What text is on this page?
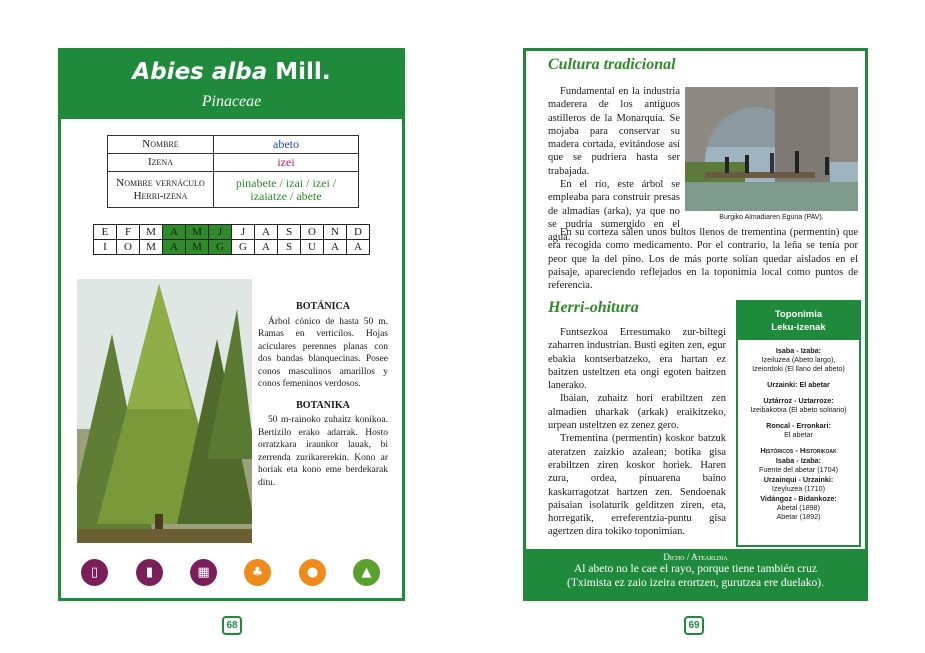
Abies alba Mill.
Pinaceae
Nombre	abeto
Izena	izei
Nombre vernáculo
Herri-izena	pinabete / izai / izei /
izaiatze / abete
E	F	M	A	M	J	J	A	S	O	N	D
I	O	M	A	M	G	G	A	S	U	A	A
BOTÁNICA

Árbol cónico de hasta 50 m. Ramas en verticilos. Hojas aciculares perennes planas con dos bandas blanquecinas. Posee conos masculinos amarillos y conos femeninos verdosos.

BOTANIKA

50 m-rainoko zuhaitz konikoa. Bertizilo erako adarrak. Hosto orratzkara iraunkor lauak, bi zerrenda zurikarerekin. Kono ar horiak eta kono eme berdekarak ditu.

▯	▮	▦	♣	●	▲
68
Cultura tradicional

Fundamental en la industria maderera de los antiguos astilleros de la Monarquía. Se mojaba para conservar su madera cortada, evitándose así que se pudriera hasta ser trabajada.

En el río, este árbol se empleaba para construir presas de almadías (arka), ya que no se pudría sumergido en el agua.

En su corteza salen unos bultos llenos de trementina (permentin) que era recogida como medicamento. Por el contrario, la leña se tenía por peor que la del pino. Los de más porte solían quedar aislados en el paisaje, apareciendo reflejados en la toponimia local como puntos de referencia.

Burgiko Almadiaren Eguna (PAV).
Herri-ohitura

Funtsezkoa Erresumako zur-biltegi zaharren industrian. Busti egiten zen, egur ebakia kontserbatzeko, era hartan ez baitzen usteltzen eta ongi egoten baitzen lanerako.

Ibaian, zuhaitz hori erabiltzen zen almadien uharkak (arkak) eraikitzeko, urpean usteltzen ez zenez gero.

Trementina (permentin) koskor batzuk ateratzen zaizkio azalean; botika gisa erabiltzen ziren koskor horiek. Haren zura, ordea, pinuarena baino kaskarragotzat hartzen zen. Sendoenak paisaian isolaturik gelditzen ziren, eta, horregatik, erreferentzia-puntu gisa agertzen dira tokiko toponimian.

Toponimia
Leku-izenak
Isaba - Izaba:
Izeiluzea (Abeto largo),
Izeiordoki (El llano del abeto)
Urzainki: El abetar
Uztárroz - Uztarroze:
Izeibakotxa (El abeto solitario)
Roncal - Erronkari:
El abetar
Históricos - Historikoak
Isaba - Izaba:
Fuente del abetar (1704)
Urzainqui - Urzainki:
Izeyluzea (1710)
Vidángoz - Bidankoze:
Abetal (1898)
Abetar (1892)
Dicho / Atearldia
Al abeto no le cae el rayo, porque tiene también cruz
(Tximista ez zaio izeira erortzen, gurutzea ere duelako).
69
